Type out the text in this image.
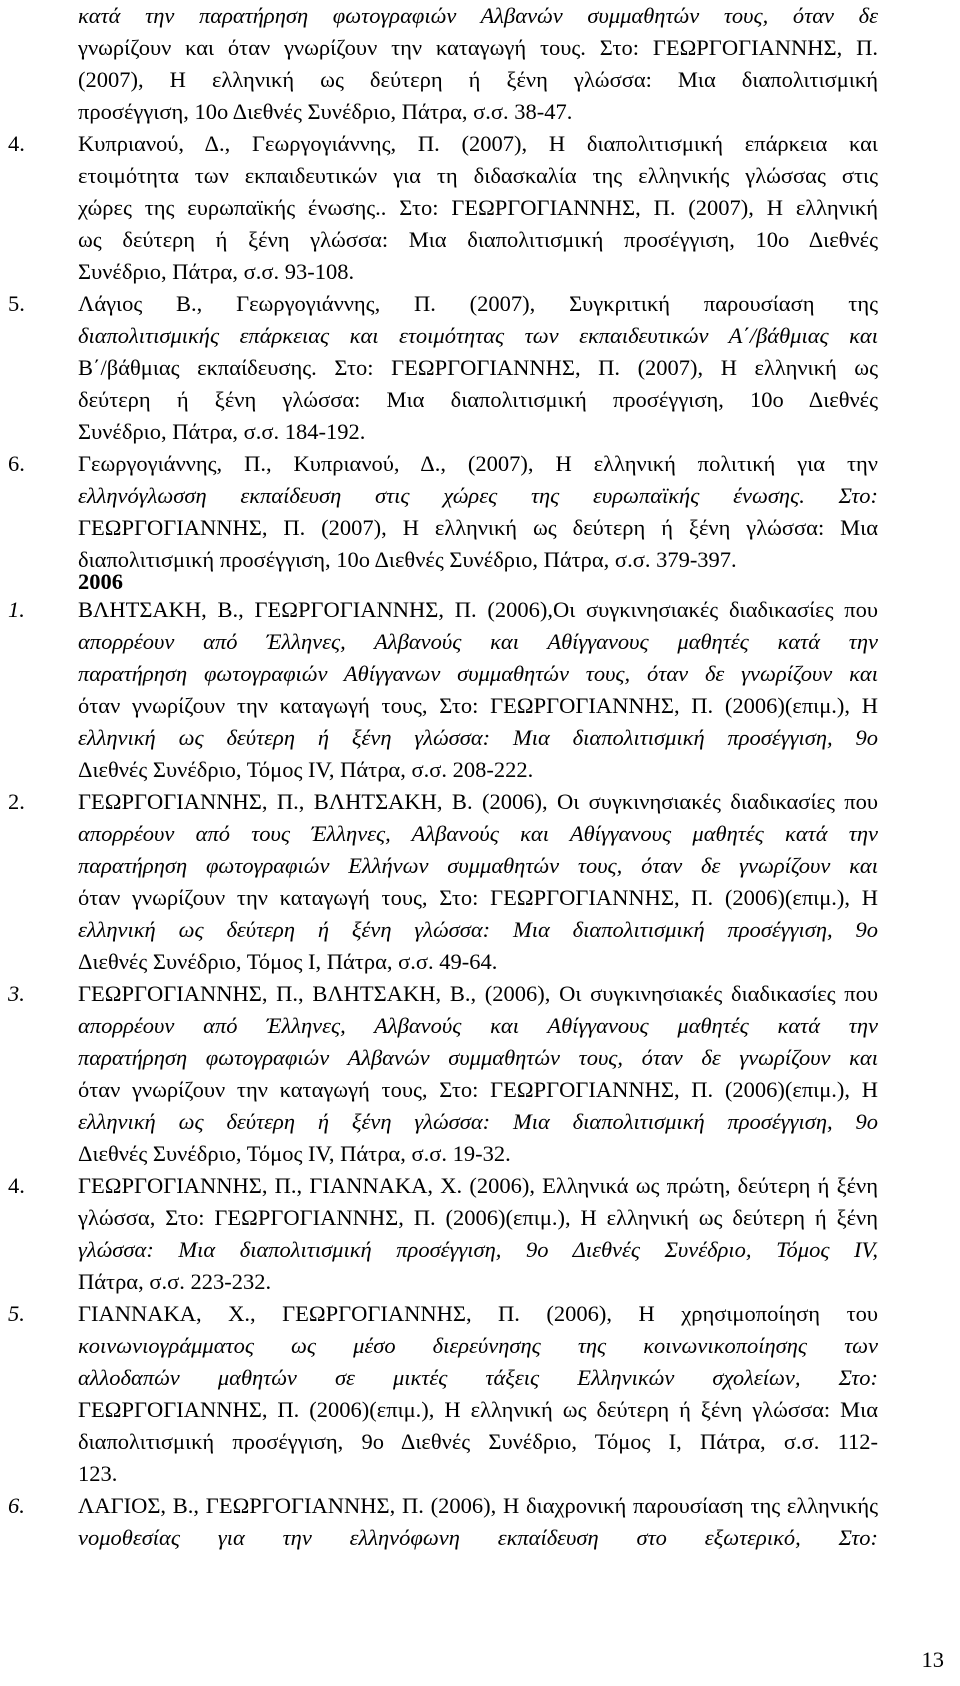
κατά την παρατήρηση φωτογραφιών Αλβανών συμμαθητών τους, όταν δε
γνωρίζουν και όταν γνωρίζουν την καταγωγή τους. Στο: ΓΕΩΡΓΟΓΙΑΝΝΗΣ, Π.
(2007), Η ελληνική ως δεύτερη ή ξένη γλώσσα: Μια διαπολιτισμική
προσέγγιση, 10ο Διεθνές Συνέδριο, Πάτρα, σ.σ. 38-47.
4. Κυπριανού, Δ., Γεωργογιάννης, Π. (2007), Η διαπολιτισμική επάρκεια και
ετοιμότητα των εκπαιδευτικών για τη διδασκαλία της ελληνικής γλώσσας στις
χώρες της ευρωπαϊκής ένωσης.. Στο: ΓΕΩΡΓΟΓΙΑΝΝΗΣ, Π. (2007), Η ελληνική
ως δεύτερη ή ξένη γλώσσα: Μια διαπολιτισμική προσέγγιση, 10ο Διεθνές
Συνέδριο, Πάτρα, σ.σ. 93-108.
5. Λάγιος Β., Γεωργογιάννης, Π. (2007), Συγκριτική παρουσίαση της
διαπολιτισμικής επάρκειας και ετοιμότητας των εκπαιδευτικών Α΄/βάθμιας και
Β΄/βάθμιας εκπαίδευσης. Στο: ΓΕΩΡΓΟΓΙΑΝΝΗΣ, Π. (2007), Η ελληνική ως
δεύτερη ή ξένη γλώσσα: Μια διαπολιτισμική προσέγγιση, 10ο Διεθνές
Συνέδριο, Πάτρα, σ.σ. 184-192.
6. Γεωργογιάννης, Π., Κυπριανού, Δ., (2007), Η ελληνική πολιτική για την
ελληνόγλωσση εκπαίδευση στις χώρες της ευρωπαϊκής ένωσης. Στο:
ΓΕΩΡΓΟΓΙΑΝΝΗΣ, Π. (2007), Η ελληνική ως δεύτερη ή ξένη γλώσσα: Μια
διαπολιτισμική προσέγγιση, 10ο Διεθνές Συνέδριο, Πάτρα, σ.σ. 379-397.
2006
1. ΒΛΗΤΣΑΚΗ, Β., ΓΕΩΡΓΟΓΙΑΝΝΗΣ, Π. (2006),Οι συγκινησιακές διαδικασίες που
απορρέουν από Έλληνες, Αλβανούς και Αθίγγανους μαθητές κατά την
παρατήρηση φωτογραφιών Αθίγγανων συμμαθητών τους, όταν δε γνωρίζουν και
όταν γνωρίζουν την καταγωγή τους, Στο: ΓΕΩΡΓΟΓΙΑΝΝΗΣ, Π. (2006)(επιμ.), Η
ελληνική ως δεύτερη ή ξένη γλώσσα: Μια διαπολιτισμική προσέγγιση, 9ο
Διεθνές Συνέδριο, Τόμος IV, Πάτρα, σ.σ. 208-222.
2. ΓΕΩΡΓΟΓΙΑΝΝΗΣ, Π., ΒΛΗΤΣΑΚΗ, Β. (2006), Οι συγκινησιακές διαδικασίες που
απορρέουν από τους Έλληνες, Αλβανούς και Αθίγγανους μαθητές κατά την
παρατήρηση φωτογραφιών Ελλήνων συμμαθητών τους, όταν δε γνωρίζουν και
όταν γνωρίζουν την καταγωγή τους, Στο: ΓΕΩΡΓΟΓΙΑΝΝΗΣ, Π. (2006)(επιμ.), Η
ελληνική ως δεύτερη ή ξένη γλώσσα: Μια διαπολιτισμική προσέγγιση, 9ο
Διεθνές Συνέδριο, Τόμος Ι, Πάτρα, σ.σ. 49-64.
3. ΓΕΩΡΓΟΓΙΑΝΝΗΣ, Π., ΒΛΗΤΣΑΚΗ, Β., (2006), Οι συγκινησιακές διαδικασίες που
απορρέουν από Έλληνες, Αλβανούς και Αθίγγανους μαθητές κατά την
παρατήρηση φωτογραφιών Αλβανών συμμαθητών τους, όταν δε γνωρίζουν και
όταν γνωρίζουν την καταγωγή τους, Στο: ΓΕΩΡΓΟΓΙΑΝΝΗΣ, Π. (2006)(επιμ.), Η
ελληνική ως δεύτερη ή ξένη γλώσσα: Μια διαπολιτισμική προσέγγιση, 9ο
Διεθνές Συνέδριο, Τόμος IV, Πάτρα, σ.σ. 19-32.
4. ΓΕΩΡΓΟΓΙΑΝΝΗΣ, Π., ΓΙΑΝΝΑΚΑ, Χ. (2006), Ελληνικά ως πρώτη, δεύτερη ή ξένη
γλώσσα, Στο: ΓΕΩΡΓΟΓΙΑΝΝΗΣ, Π. (2006)(επιμ.), Η ελληνική ως δεύτερη ή ξένη
γλώσσα: Μια διαπολιτισμική προσέγγιση, 9ο Διεθνές Συνέδριο, Τόμος IV,
Πάτρα, σ.σ. 223-232.
5. ΓΙΑΝΝΑΚΑ, Χ., ΓΕΩΡΓΟΓΙΑΝΝΗΣ, Π. (2006), Η χρησιμοποίηση του
κοινωνιογράμματος ως μέσο διερεύνησης της κοινωνικοποίησης των
αλλοδαπών μαθητών σε μικτές τάξεις Ελληνικών σχολείων, Στο:
ΓΕΩΡΓΟΓΙΑΝΝΗΣ, Π. (2006)(επιμ.), Η ελληνική ως δεύτερη ή ξένη γλώσσα: Μια
διαπολιτισμική προσέγγιση, 9ο Διεθνές Συνέδριο, Τόμος Ι, Πάτρα, σ.σ. 112-
123.
6. ΛΑΓΙΟΣ, Β., ΓΕΩΡΓΟΓΙΑΝΝΗΣ, Π. (2006), Η διαχρονική παρουσίαση της ελληνικής
νομοθεσίας για την ελληνόφωνη εκπαίδευση στο εξωτερικό, Στο:
13
